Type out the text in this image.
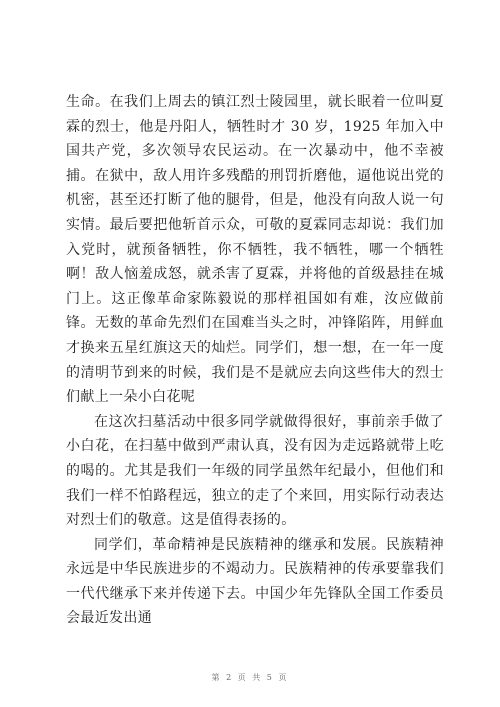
生命。在我们上周去的镇江烈士陵园里，就长眠着一位叫夏霖的烈士，他是丹阳人，牺牲时才 30 岁，1925 年加入中国共产党，多次领导农民运动。在一次暴动中，他不幸被捕。在狱中，敌人用许多残酷的刑罚折磨他，逼他说出党的机密，甚至还打断了他的腿骨，但是，他没有向敌人说一句实情。最后要把他斩首示众，可敬的夏霖同志却说：我们加入党时，就预备牺牲，你不牺牲，我不牺牲，哪一个牺牲啊！敌人恼羞成怒，就杀害了夏霖，并将他的首级悬挂在城门上。这正像革命家陈毅说的那样祖国如有难，汝应做前锋。无数的革命先烈们在国难当头之时，冲锋陷阵，用鲜血才换来五星红旗这天的灿烂。同学们，想一想，在一年一度的清明节到来的时候，我们是不是就应去向这些伟大的烈士们献上一朵小白花呢

在这次扫墓活动中很多同学就做得很好，事前亲手做了小白花，在扫墓中做到严肃认真，没有因为走远路就带上吃的喝的。尤其是我们一年级的同学虽然年纪最小，但他们和我们一样不怕路程远，独立的走了个来回，用实际行动表达对烈士们的敬意。这是值得表扬的。

同学们，革命精神是民族精神的继承和发展。民族精神永远是中华民族进步的不竭动力。民族精神的传承要靠我们一代代继承下来并传递下去。中国少年先锋队全国工作委员会最近发出通

第 2 页 共 5 页
